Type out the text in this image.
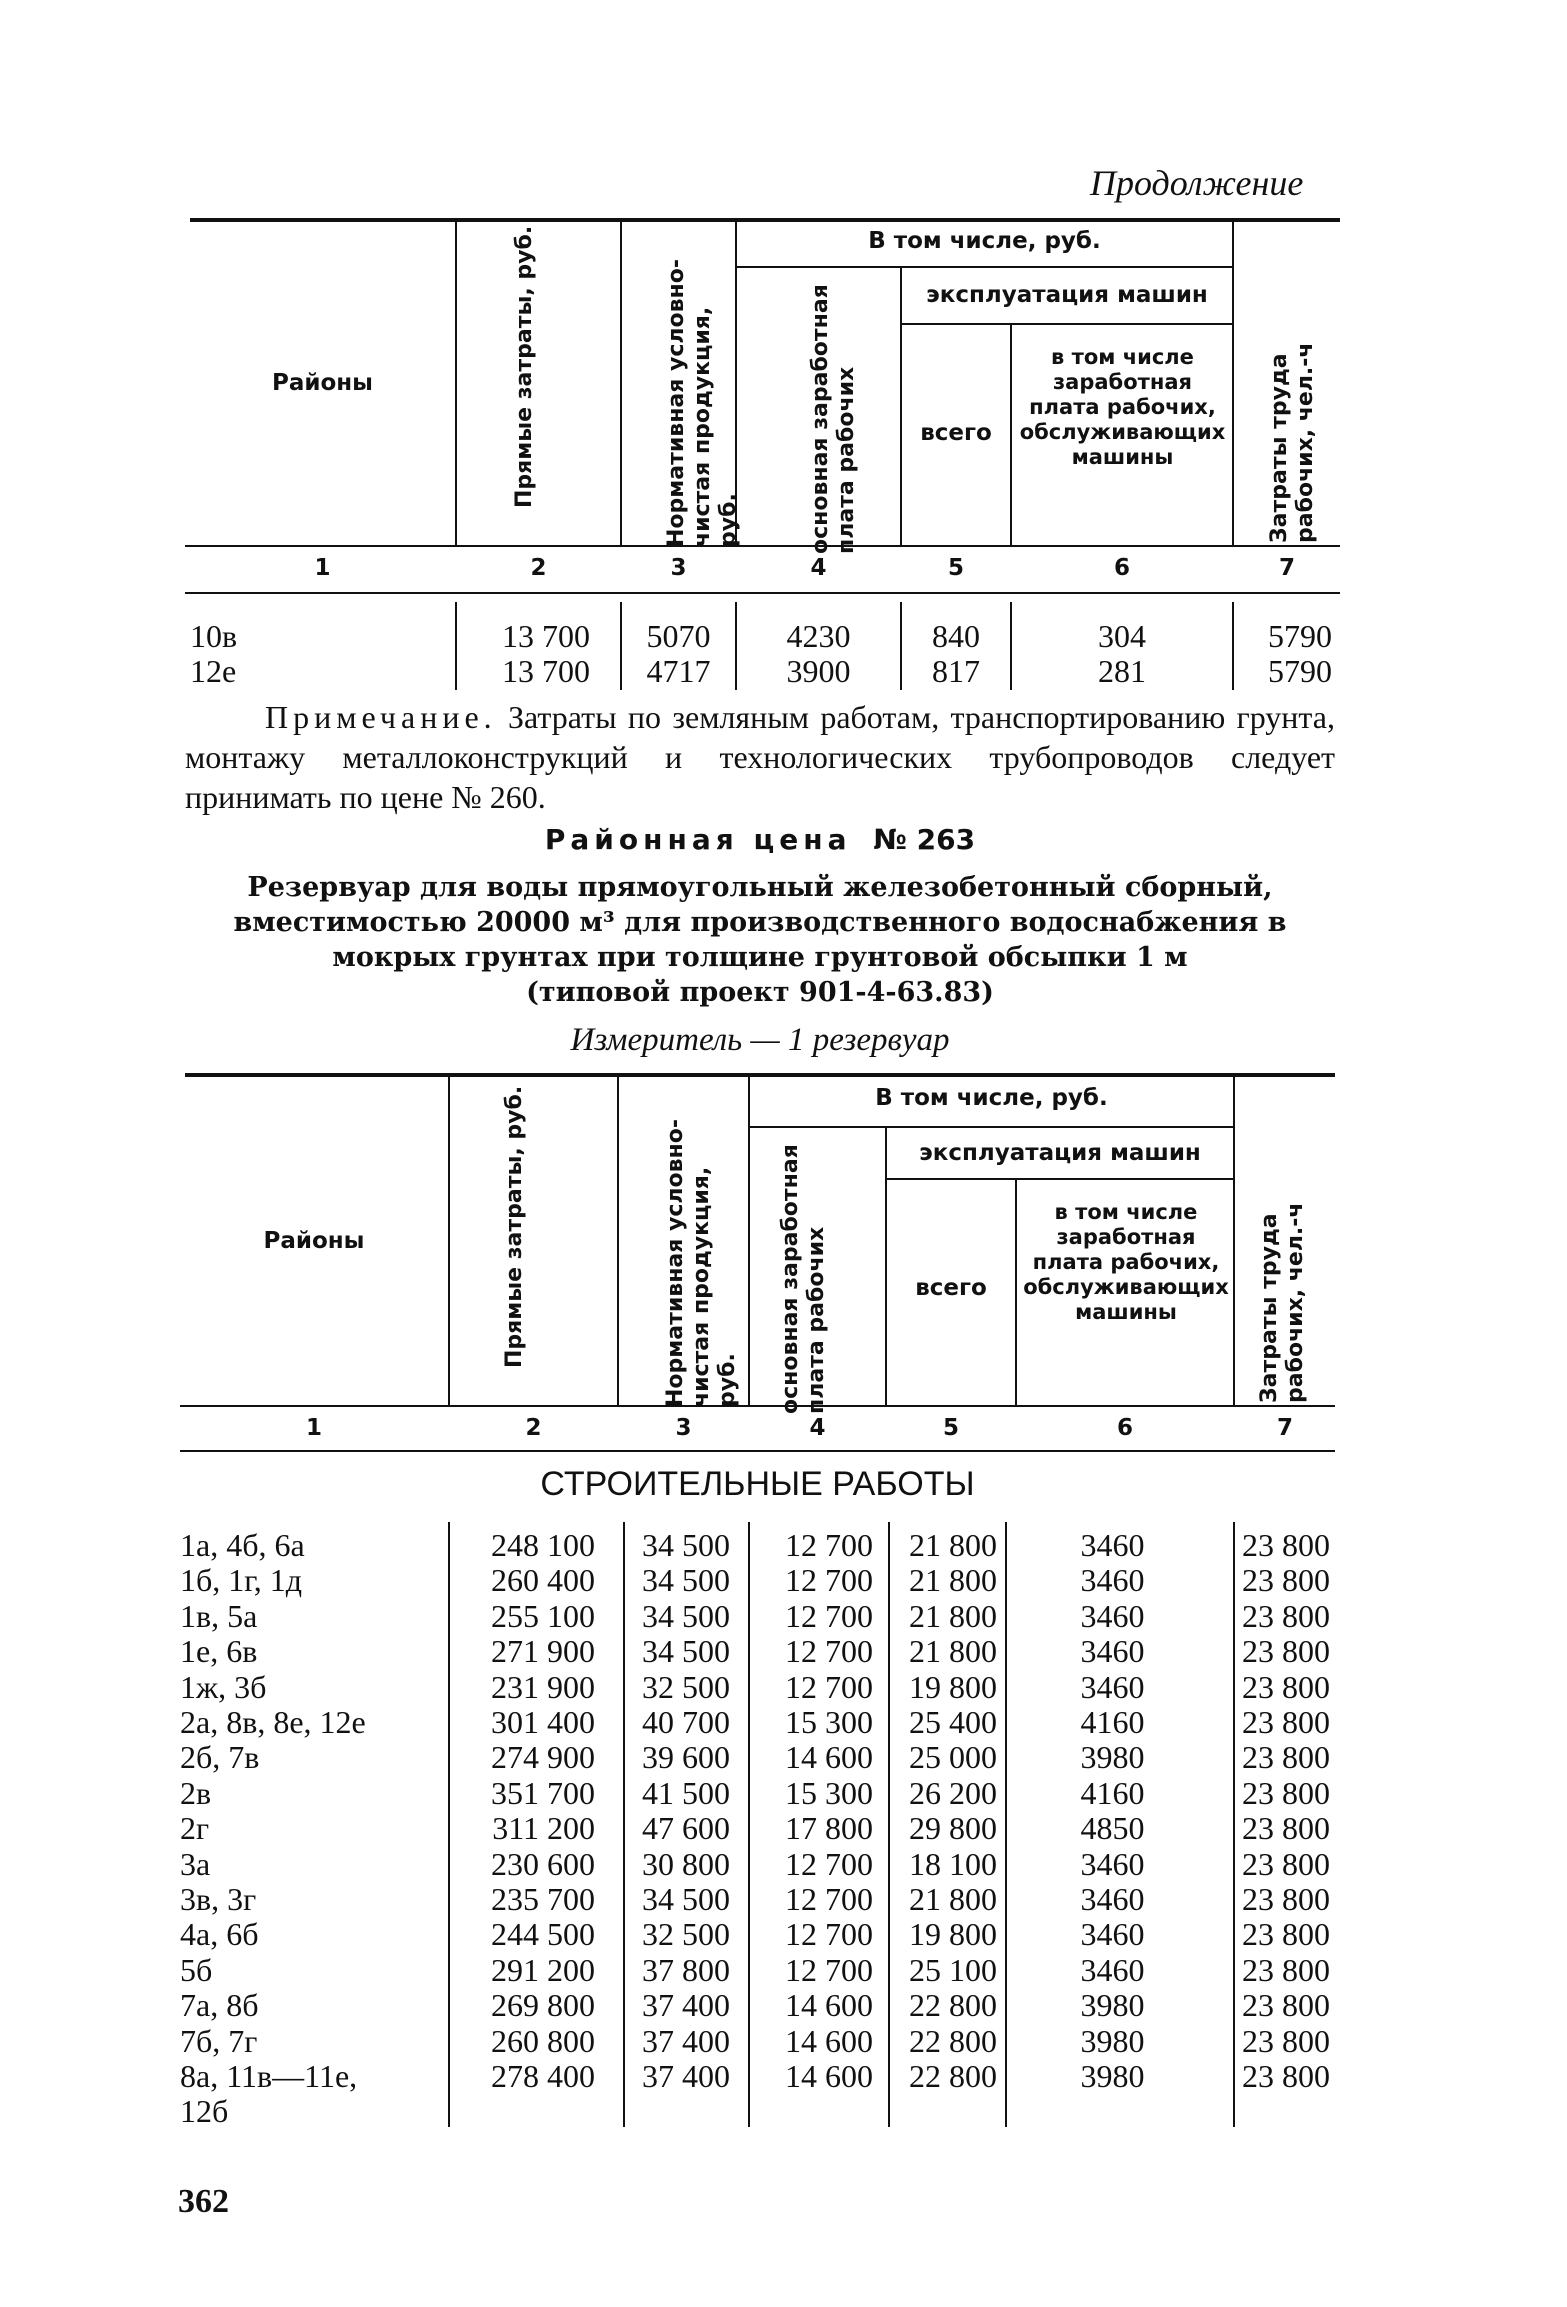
Продолжение
Районы	Прямые затраты, руб.	Нормативная условно-чистая продукция, руб.
В том числе, руб.
основная заработная плата рабочих
эксплуатация машин
всего
в том числе заработная плата рабочих, обслуживающих машины	Затраты труда рабочих, чел.-ч
1	2	3	4	5	6	7
10в	13 700	5070	4230	840	304	5790
12е	13 700	4717	3900	817	281	5790
Примечание. Затраты по земляным работам, транспортированию грунта, монтажу металлоконструкций и технологических трубопроводов следует принимать по цене № 260.
Районная цена № 263
Резервуар для воды прямоугольный железобетонный сборный,
вместимостью 20000 м³ для производственного водоснабжения в
мокрых грунтах при толщине грунтовой обсыпки 1 м
(типовой проект 901-4-63.83)
Измеритель — 1 резервуар
Районы	Прямые затраты, руб.	Нормативная условно-чистая продукция, руб.
В том числе, руб.
основная заработная плата рабочих
эксплуатация машин
всего
в том числе заработная плата рабочих, обслуживающих машины	Затраты труда рабочих, чел.-ч
1	2	3	4	5	6	7
СТРОИТЕЛЬНЫЕ РАБОТЫ
1а, 4б, 6а	248 100	34 500	12 700	21 800	3460	23 800
1б, 1г, 1д	260 400	34 500	12 700	21 800	3460	23 800
1в, 5а	255 100	34 500	12 700	21 800	3460	23 800
1е, 6в	271 900	34 500	12 700	21 800	3460	23 800
1ж, 3б	231 900	32 500	12 700	19 800	3460	23 800
2а, 8в, 8е, 12е	301 400	40 700	15 300	25 400	4160	23 800
2б, 7в	274 900	39 600	14 600	25 000	3980	23 800
2в	351 700	41 500	15 300	26 200	4160	23 800
2г	311 200	47 600	17 800	29 800	4850	23 800
3а	230 600	30 800	12 700	18 100	3460	23 800
3в, 3г	235 700	34 500	12 700	21 800	3460	23 800
4а, 6б	244 500	32 500	12 700	19 800	3460	23 800
5б	291 200	37 800	12 700	25 100	3460	23 800
7а, 8б	269 800	37 400	14 600	22 800	3980	23 800
7б, 7г	260 800	37 400	14 600	22 800	3980	23 800
8а, 11в—11е,	278 400	37 400	14 600	22 800	3980	23 800
12б
362
